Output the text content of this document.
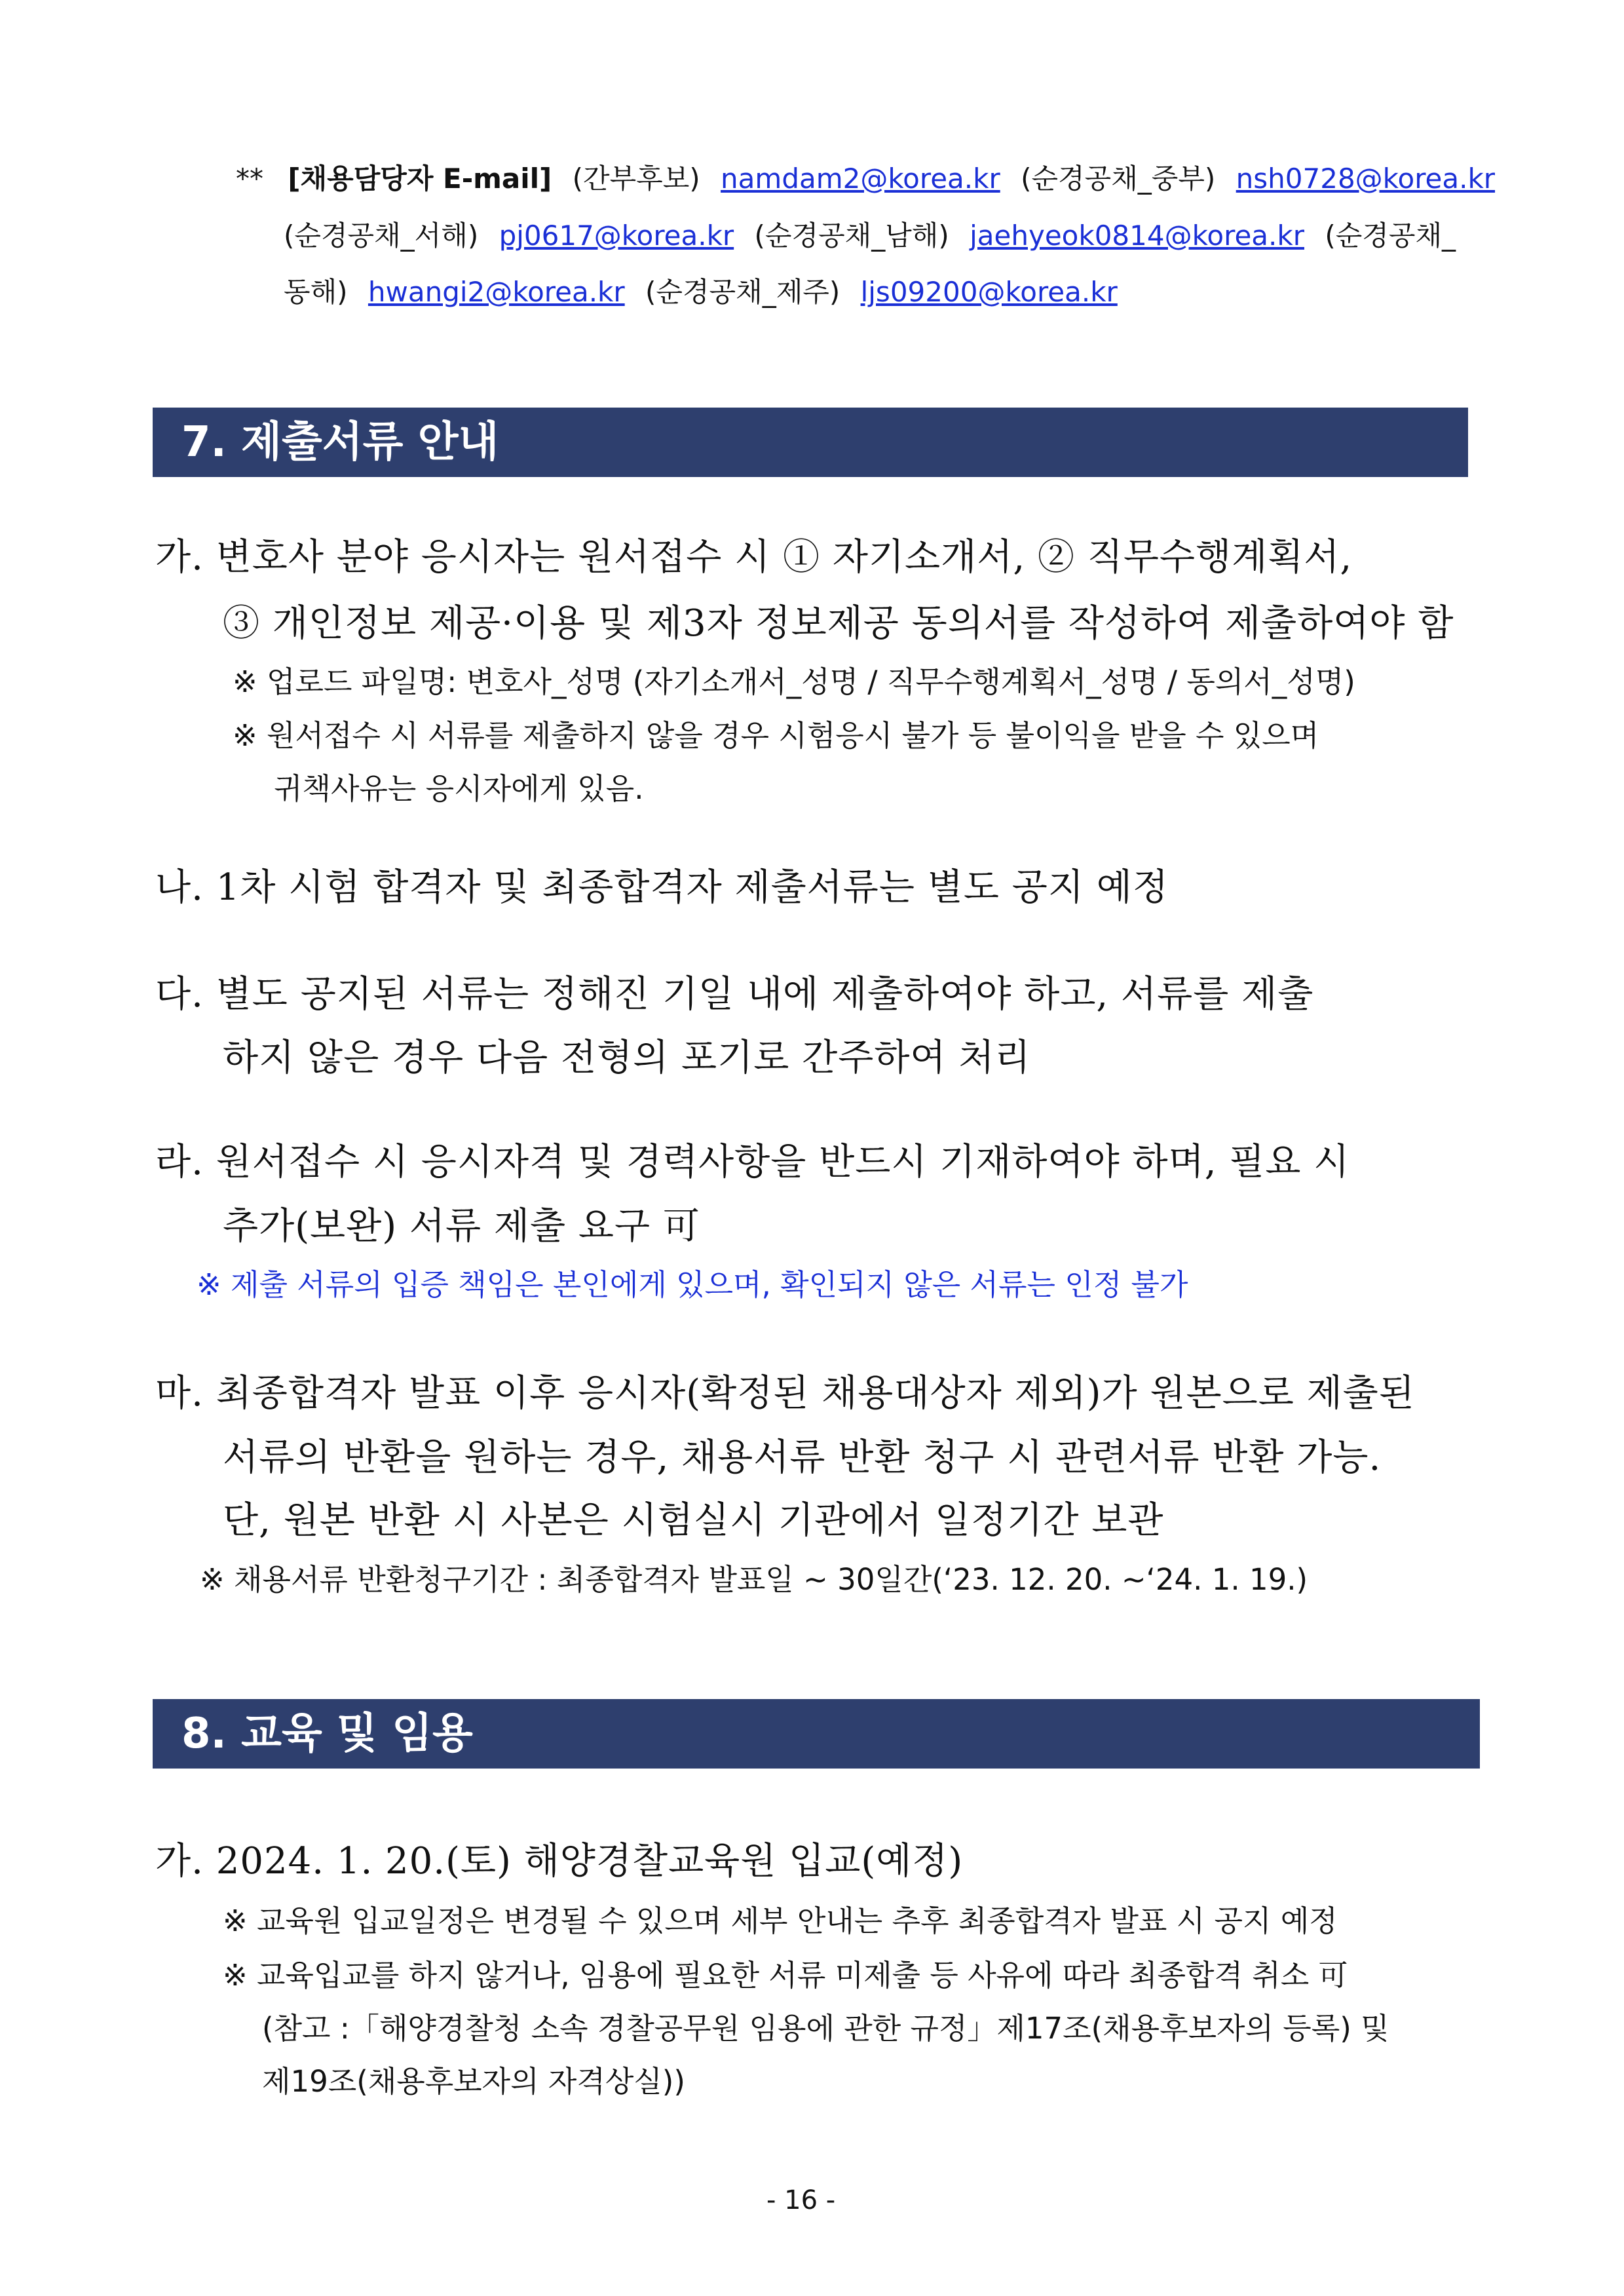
** [채용담당자 E-mail] (간부후보) namdam2@korea.kr (순경공채_중부) nsh0728@korea.kr
(순경공채_서해) pj0617@korea.kr (순경공채_남해) jaehyeok0814@korea.kr (순경공채_
동해) hwangi2@korea.kr (순경공채_제주) ljs09200@korea.kr
7. 제출서류 안내
가. 변호사 분야 응시자는 원서접수 시 ① 자기소개서, ② 직무수행계획서,
③ 개인정보 제공·이용 및 제3자 정보제공 동의서를 작성하여 제출하여야 함
※ 업로드 파일명: 변호사_성명 (자기소개서_성명 / 직무수행계획서_성명 / 동의서_성명)
※ 원서접수 시 서류를 제출하지 않을 경우 시험응시 불가 등 불이익을 받을 수 있으며
귀책사유는 응시자에게 있음.
나. 1차 시험 합격자 및 최종합격자 제출서류는 별도 공지 예정
다. 별도 공지된 서류는 정해진 기일 내에 제출하여야 하고, 서류를 제출
하지 않은 경우 다음 전형의 포기로 간주하여 처리
라. 원서접수 시 응시자격 및 경력사항을 반드시 기재하여야 하며, 필요 시
추가(보완) 서류 제출 요구 可
※ 제출 서류의 입증 책임은 본인에게 있으며, 확인되지 않은 서류는 인정 불가
마. 최종합격자 발표 이후 응시자(확정된 채용대상자 제외)가 원본으로 제출된
서류의 반환을 원하는 경우, 채용서류 반환 청구 시 관련서류 반환 가능.
단, 원본 반환 시 사본은 시험실시 기관에서 일정기간 보관
※ 채용서류 반환청구기간 : 최종합격자 발표일 ~ 30일간(‘23. 12. 20. ~‘24. 1. 19.)
8. 교육 및 임용
가. 2024. 1. 20.(토) 해양경찰교육원 입교(예정)
※ 교육원 입교일정은 변경될 수 있으며 세부 안내는 추후 최종합격자 발표 시 공지 예정
※ 교육입교를 하지 않거나, 임용에 필요한 서류 미제출 등 사유에 따라 최종합격 취소 可
(참고 :「해양경찰청 소속 경찰공무원 임용에 관한 규정」제17조(채용후보자의 등록) 및
제19조(채용후보자의 자격상실))
- 16 -
